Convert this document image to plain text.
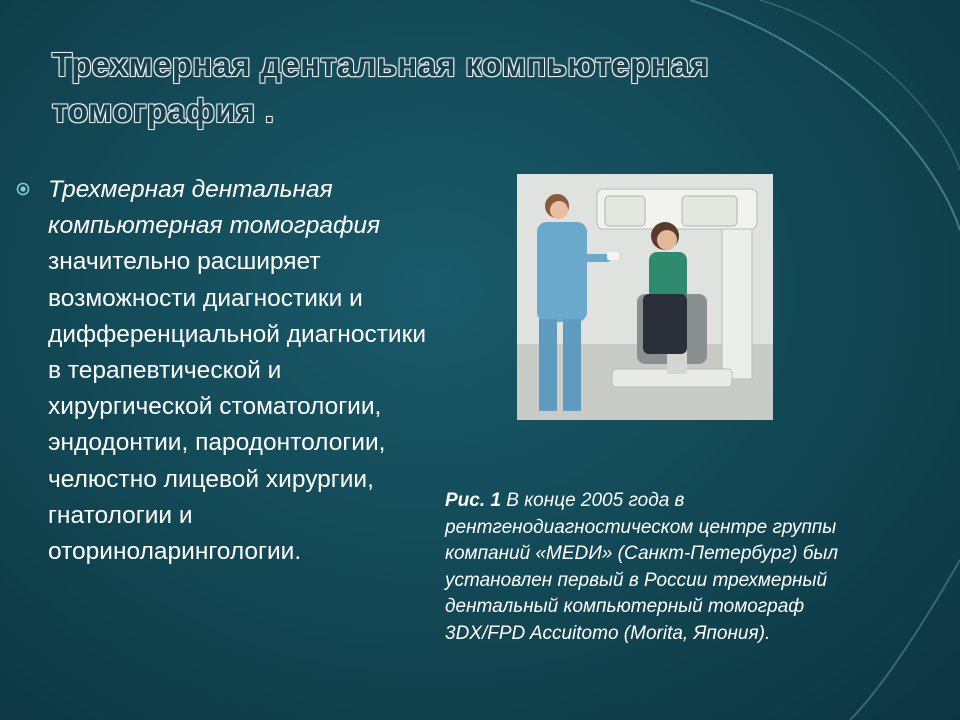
Трехмерная дентальная компьютерная
томография .
Трехмерная дентальная компьютерная томография значительно расширяет возможности диагностики и дифференциальной диагностики в терапевтической и хирургической стоматологии, эндодонтии, пародонтологии, челюстно лицевой хирургии, гнатологии и оториноларингологии.
Рис. 1 В конце 2005 года в рентгенодиагностическом центре группы компаний «MEDИ» (Санкт-Петербург) был установлен первый в России трехмерный дентальный компьютерный томограф 3DX/FPD Accuitomo (Morita, Япония).
